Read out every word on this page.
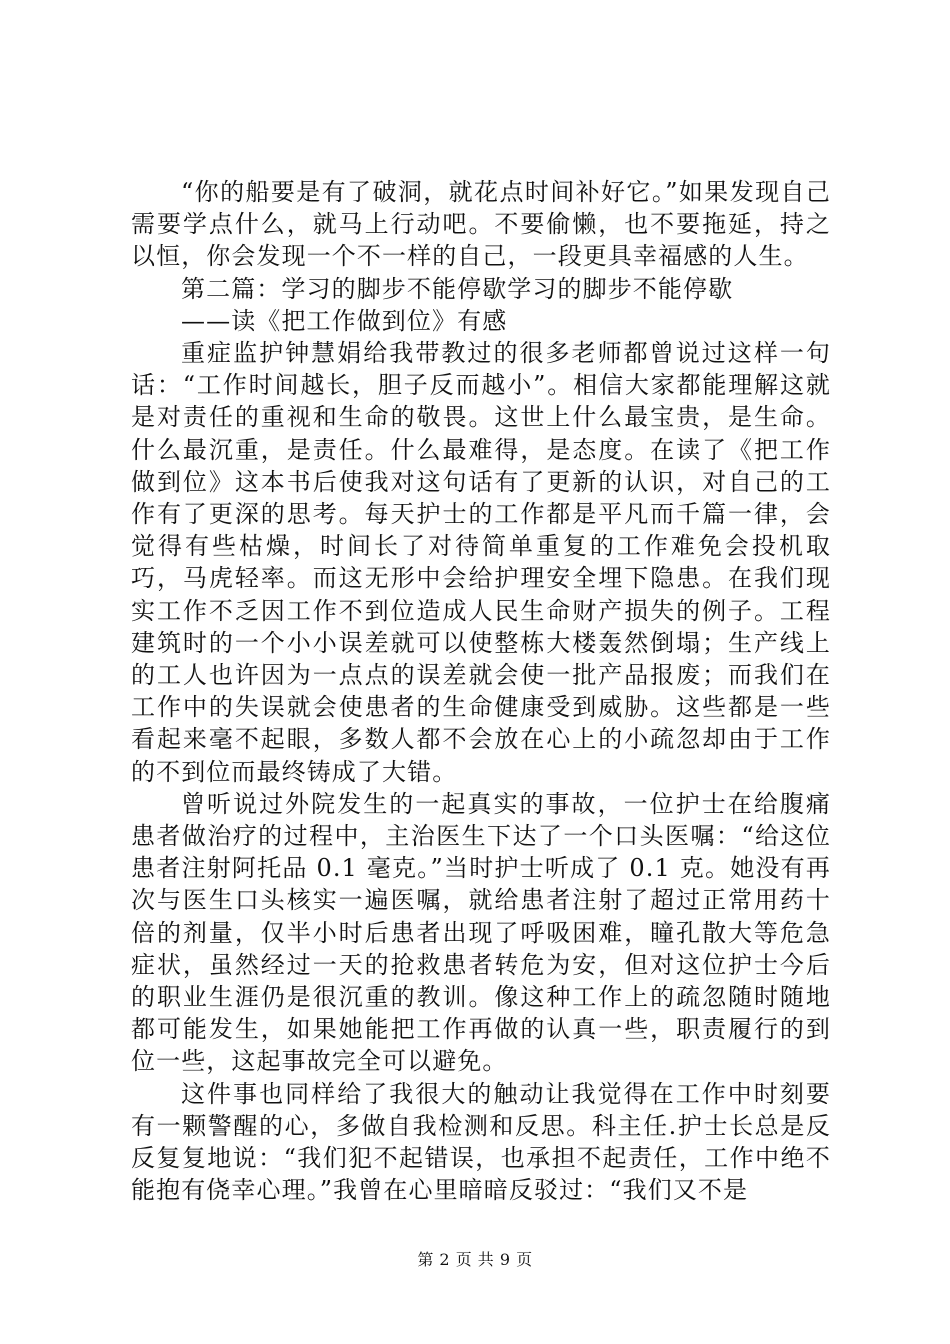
“你的船要是有了破洞，就花点时间补好它。”如果发现自己需要学点什么，就马上行动吧。不要偷懒，也不要拖延，持之以恒，你会发现一个不一样的自己，一段更具幸福感的人生。

第二篇：学习的脚步不能停歇学习的脚步不能停歇

——读《把工作做到位》有感

重症监护钟慧娟给我带教过的很多老师都曾说过这样一句话：“工作时间越长，胆子反而越小”。相信大家都能理解这就是对责任的重视和生命的敬畏。这世上什么最宝贵，是生命。什么最沉重，是责任。什么最难得，是态度。在读了《把工作做到位》这本书后使我对这句话有了更新的认识，对自己的工作有了更深的思考。每天护士的工作都是平凡而千篇一律，会觉得有些枯燥，时间长了对待简单重复的工作难免会投机取巧，马虎轻率。而这无形中会给护理安全埋下隐患。在我们现实工作不乏因工作不到位造成人民生命财产损失的例子。工程建筑时的一个小小误差就可以使整栋大楼轰然倒塌；生产线上的工人也许因为一点点的误差就会使一批产品报废；而我们在工作中的失误就会使患者的生命健康受到威胁。这些都是一些看起来毫不起眼，多数人都不会放在心上的小疏忽却由于工作的不到位而最终铸成了大错。

曾听说过外院发生的一起真实的事故，一位护士在给腹痛患者做治疗的过程中，主治医生下达了一个口头医嘱：“给这位患者注射阿托品 0.1 毫克。”当时护士听成了 0.1 克。她没有再次与医生口头核实一遍医嘱，就给患者注射了超过正常用药十倍的剂量，仅半小时后患者出现了呼吸困难，瞳孔散大等危急症状，虽然经过一天的抢救患者转危为安，但对这位护士今后的职业生涯仍是很沉重的教训。像这种工作上的疏忽随时随地都可能发生，如果她能把工作再做的认真一些，职责履行的到位一些，这起事故完全可以避免。

这件事也同样给了我很大的触动让我觉得在工作中时刻要有一颗警醒的心，多做自我检测和反思。科主任.护士长总是反反复复地说：“我们犯不起错误，也承担不起责任，工作中绝不能抱有侥幸心理。”我曾在心里暗暗反驳过：“我们又不是

第 2 页 共 9 页
